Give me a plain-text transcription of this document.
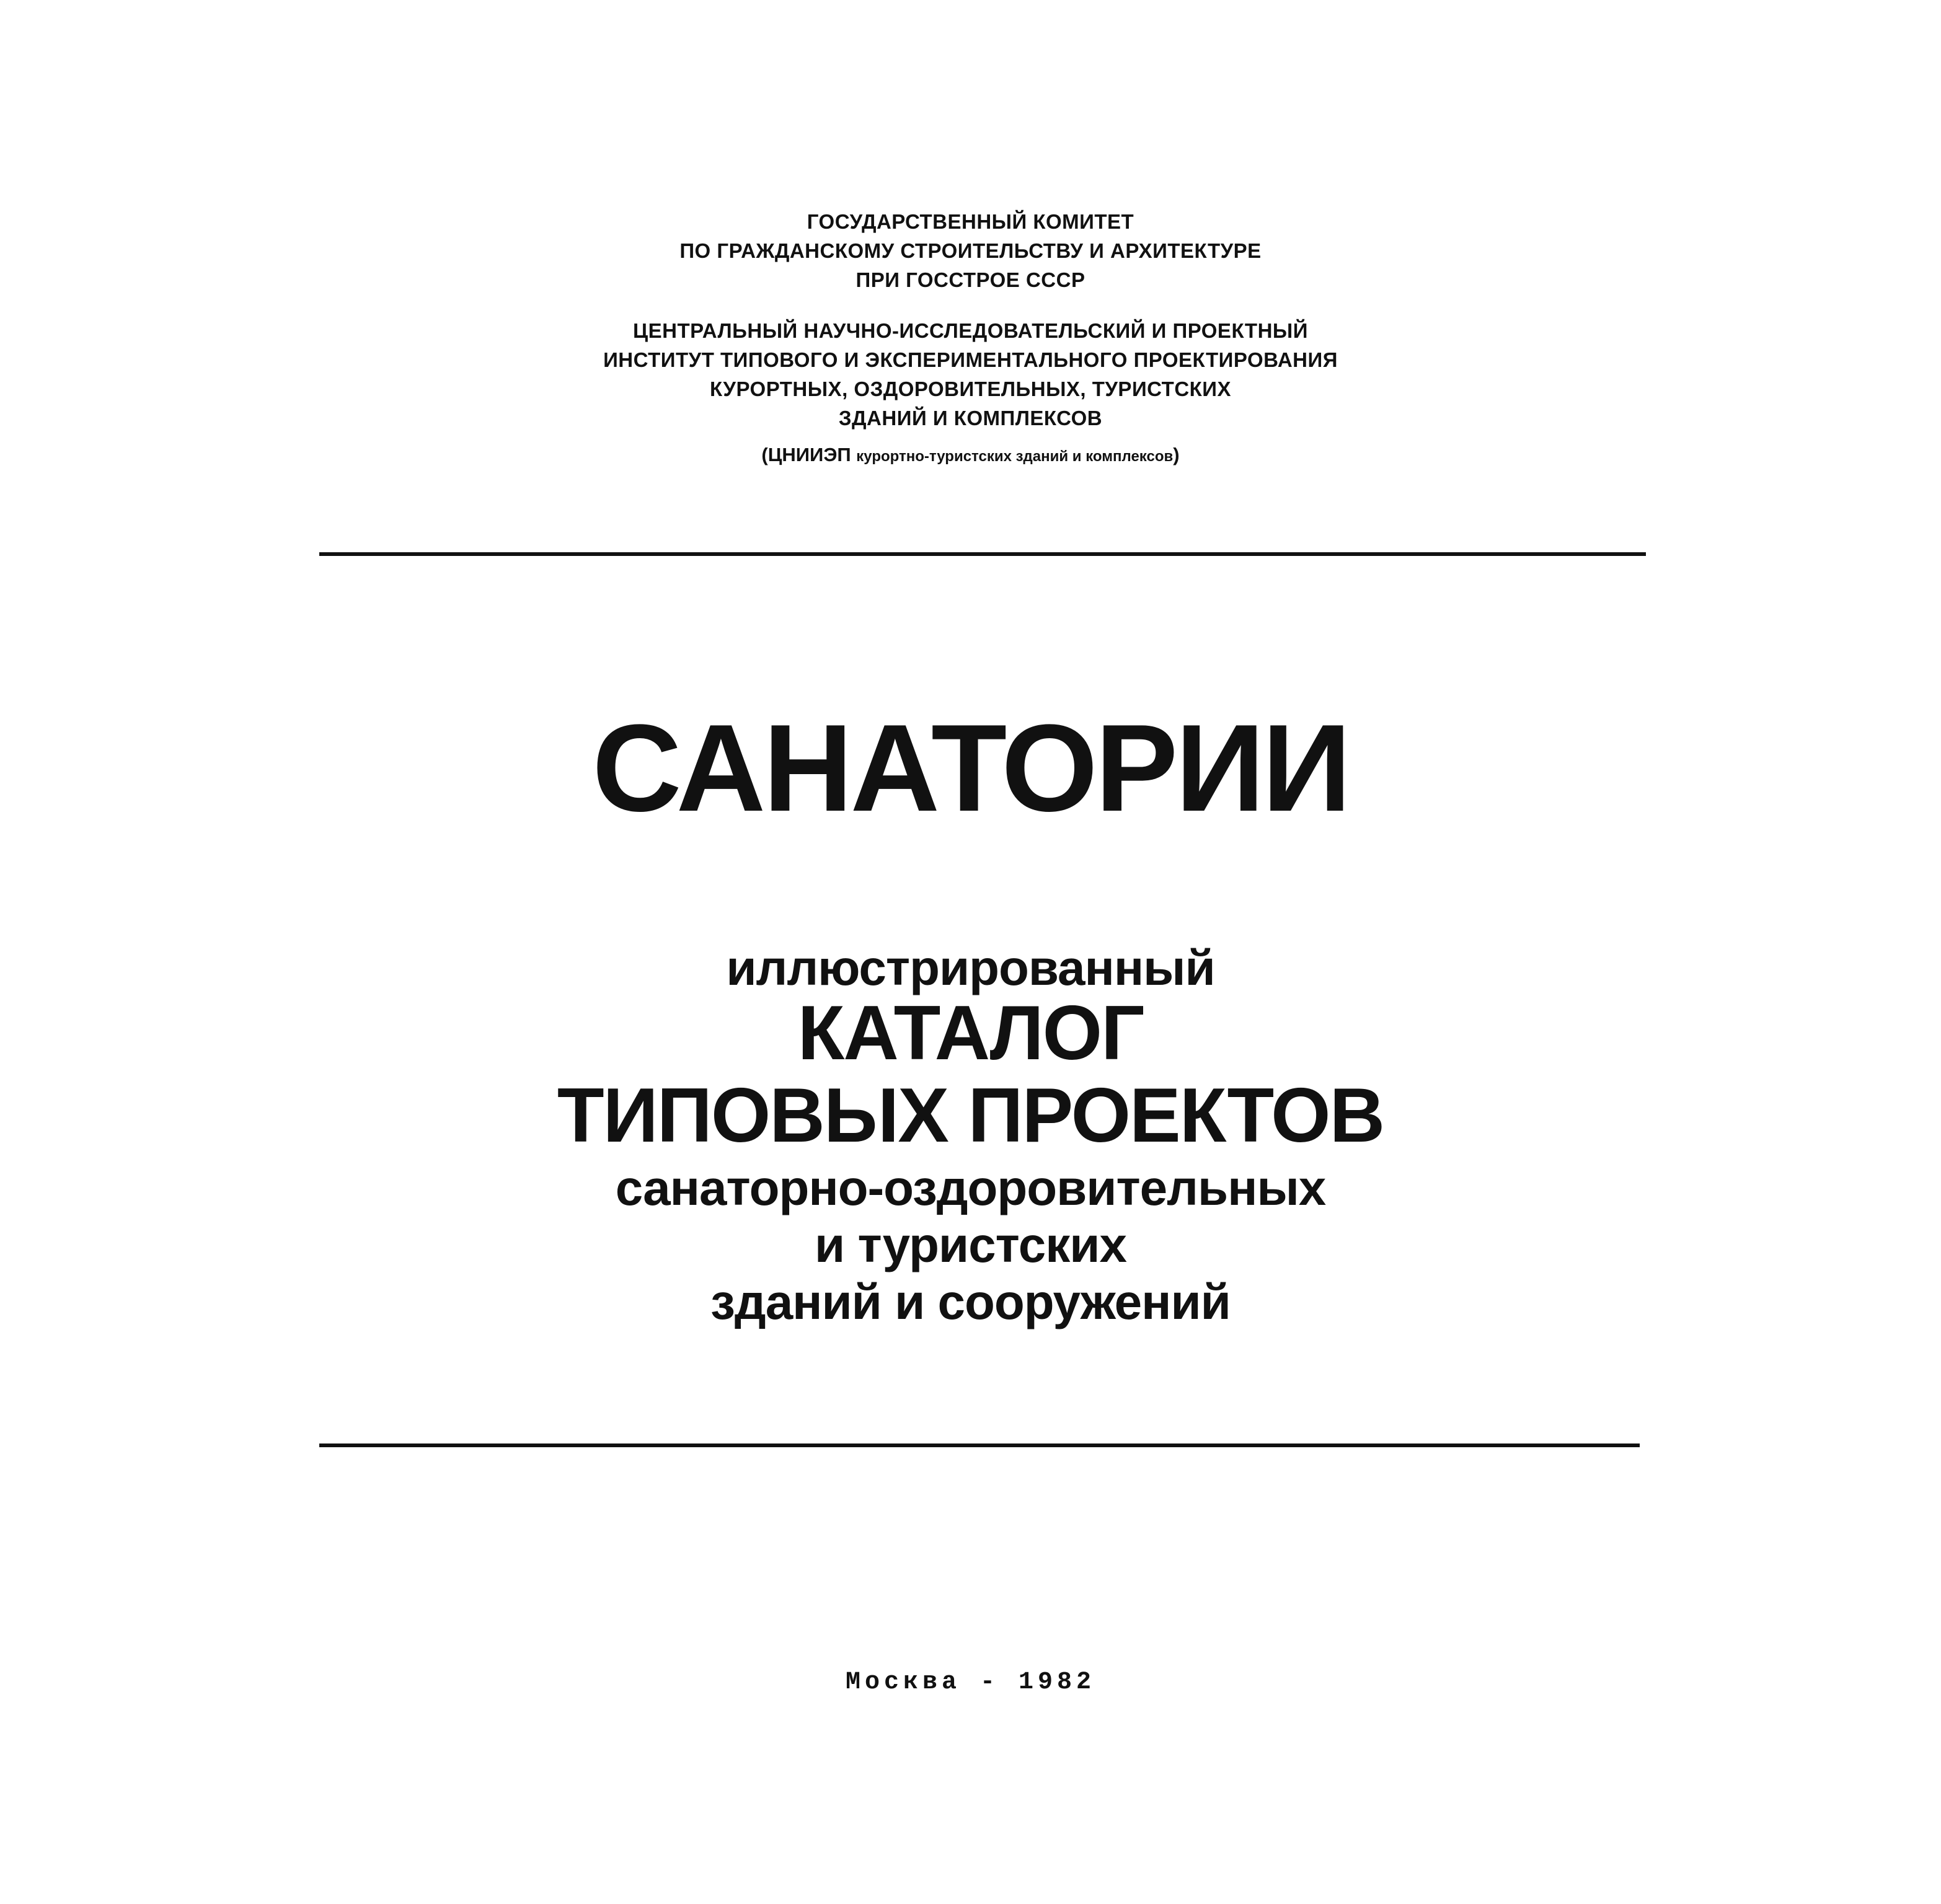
ГОСУДАРСТВЕННЫЙ КОМИТЕТ
ПО ГРАЖДАНСКОМУ СТРОИТЕЛЬСТВУ И АРХИТЕКТУРЕ
ПРИ ГОССТРОЕ СССР
ЦЕНТРАЛЬНЫЙ НАУЧНО-ИССЛЕДОВАТЕЛЬСКИЙ И ПРОЕКТНЫЙ
ИНСТИТУТ ТИПОВОГО И ЭКСПЕРИМЕНТАЛЬНОГО ПРОЕКТИРОВАНИЯ
КУРОРТНЫХ, ОЗДОРОВИТЕЛЬНЫХ, ТУРИСТСКИХ
ЗДАНИЙ И КОМПЛЕКСОВ
(ЦНИИЭП курортно-туристских зданий и комплексов)
САНАТОРИИ
иллюстрированный
КАТАЛОГ
ТИПОВЫХ ПРОЕКТОВ
санаторно-оздоровительных
и туристских
зданий и сооружений
Москва - 1982
